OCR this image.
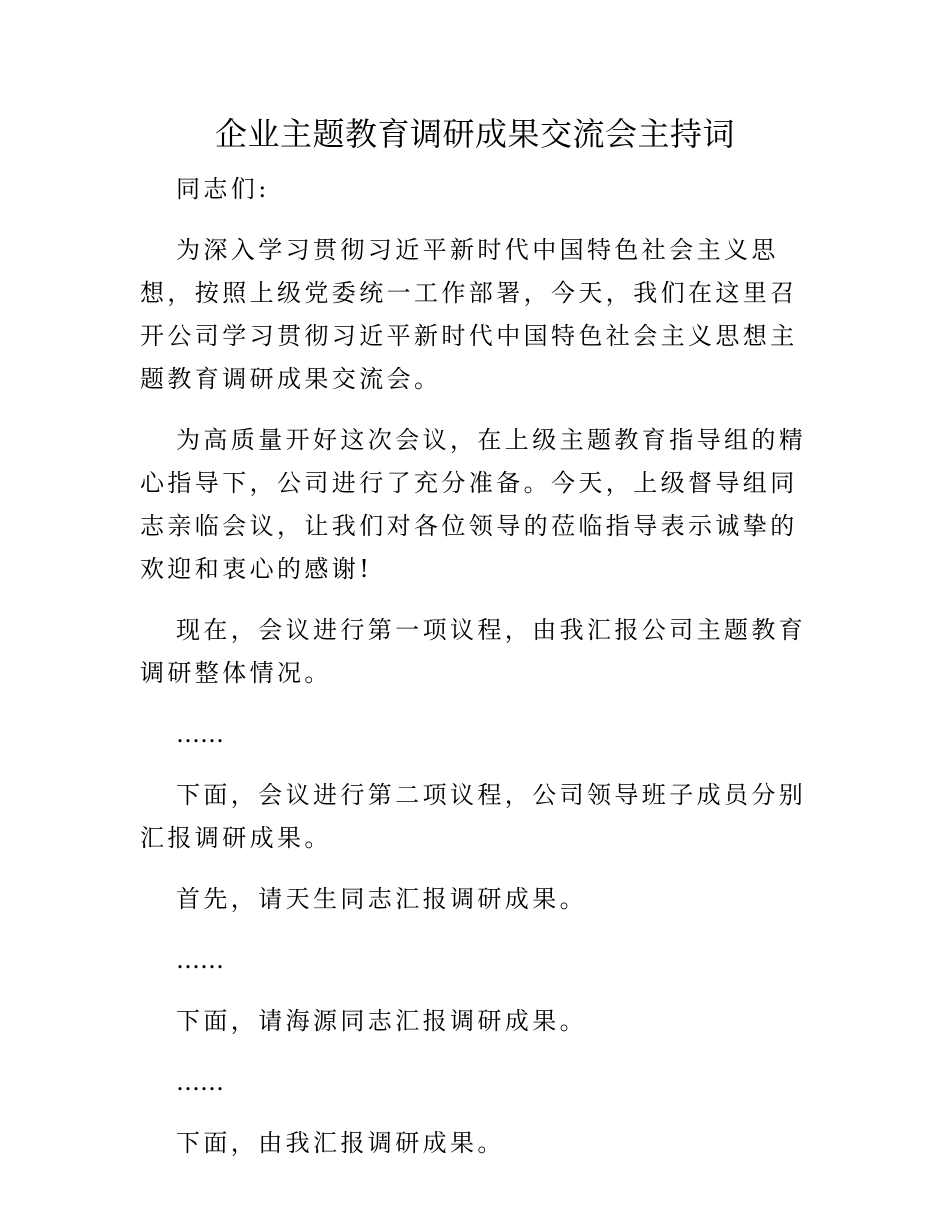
企业主题教育调研成果交流会主持词

同志们:

为深入学习贯彻习近平新时代中国特色社会主义思想，按照上级党委统一工作部署，今天，我们在这里召开公司学习贯彻习近平新时代中国特色社会主义思想主题教育调研成果交流会。

为高质量开好这次会议，在上级主题教育指导组的精心指导下，公司进行了充分准备。今天，上级督导组同志亲临会议，让我们对各位领导的莅临指导表示诚挚的欢迎和衷心的感谢!

现在，会议进行第一项议程，由我汇报公司主题教育调研整体情况。

……

下面，会议进行第二项议程，公司领导班子成员分别汇报调研成果。

首先，请天生同志汇报调研成果。

……

下面，请海源同志汇报调研成果。

……

下面，由我汇报调研成果。
